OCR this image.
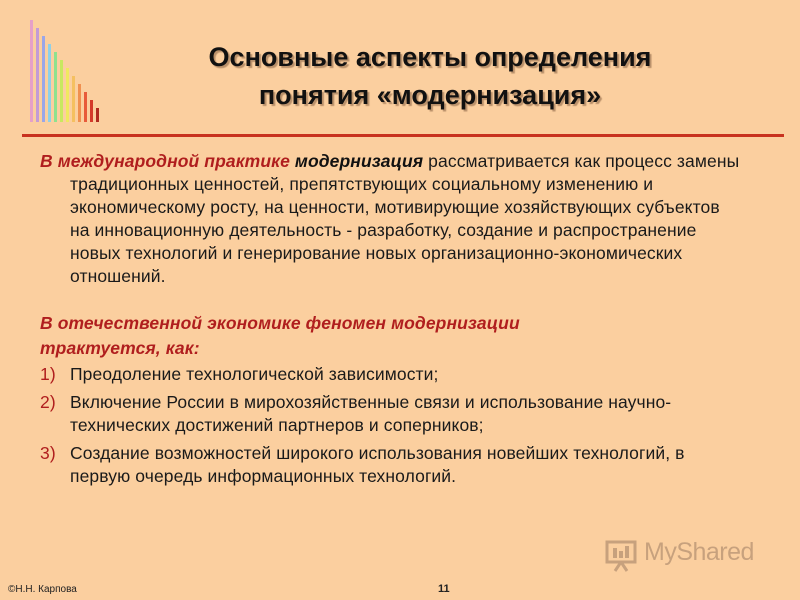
Основные аспекты определения
понятия «модернизация»

В международной практике модернизация рассматривается как процесс замены традиционных ценностей, препятствующих социальному изменению и экономическому росту, на ценности, мотивирующие хозяйствующих субъектов на инновационную деятельность - разработку, создание и распространение новых технологий и генерирование новых организационно-экономических отношений.

В отечественной экономике феномен модернизации
трактуется, как:
1) Преодоление технологической зависимости;
2) Включение России в мирохозяйственные связи и использование научно-технических достижений партнеров и соперников;
3) Создание возможностей широкого использования новейших технологий, в первую очередь информационных технологий.
MyShared
©Н.Н. Карпова	11
